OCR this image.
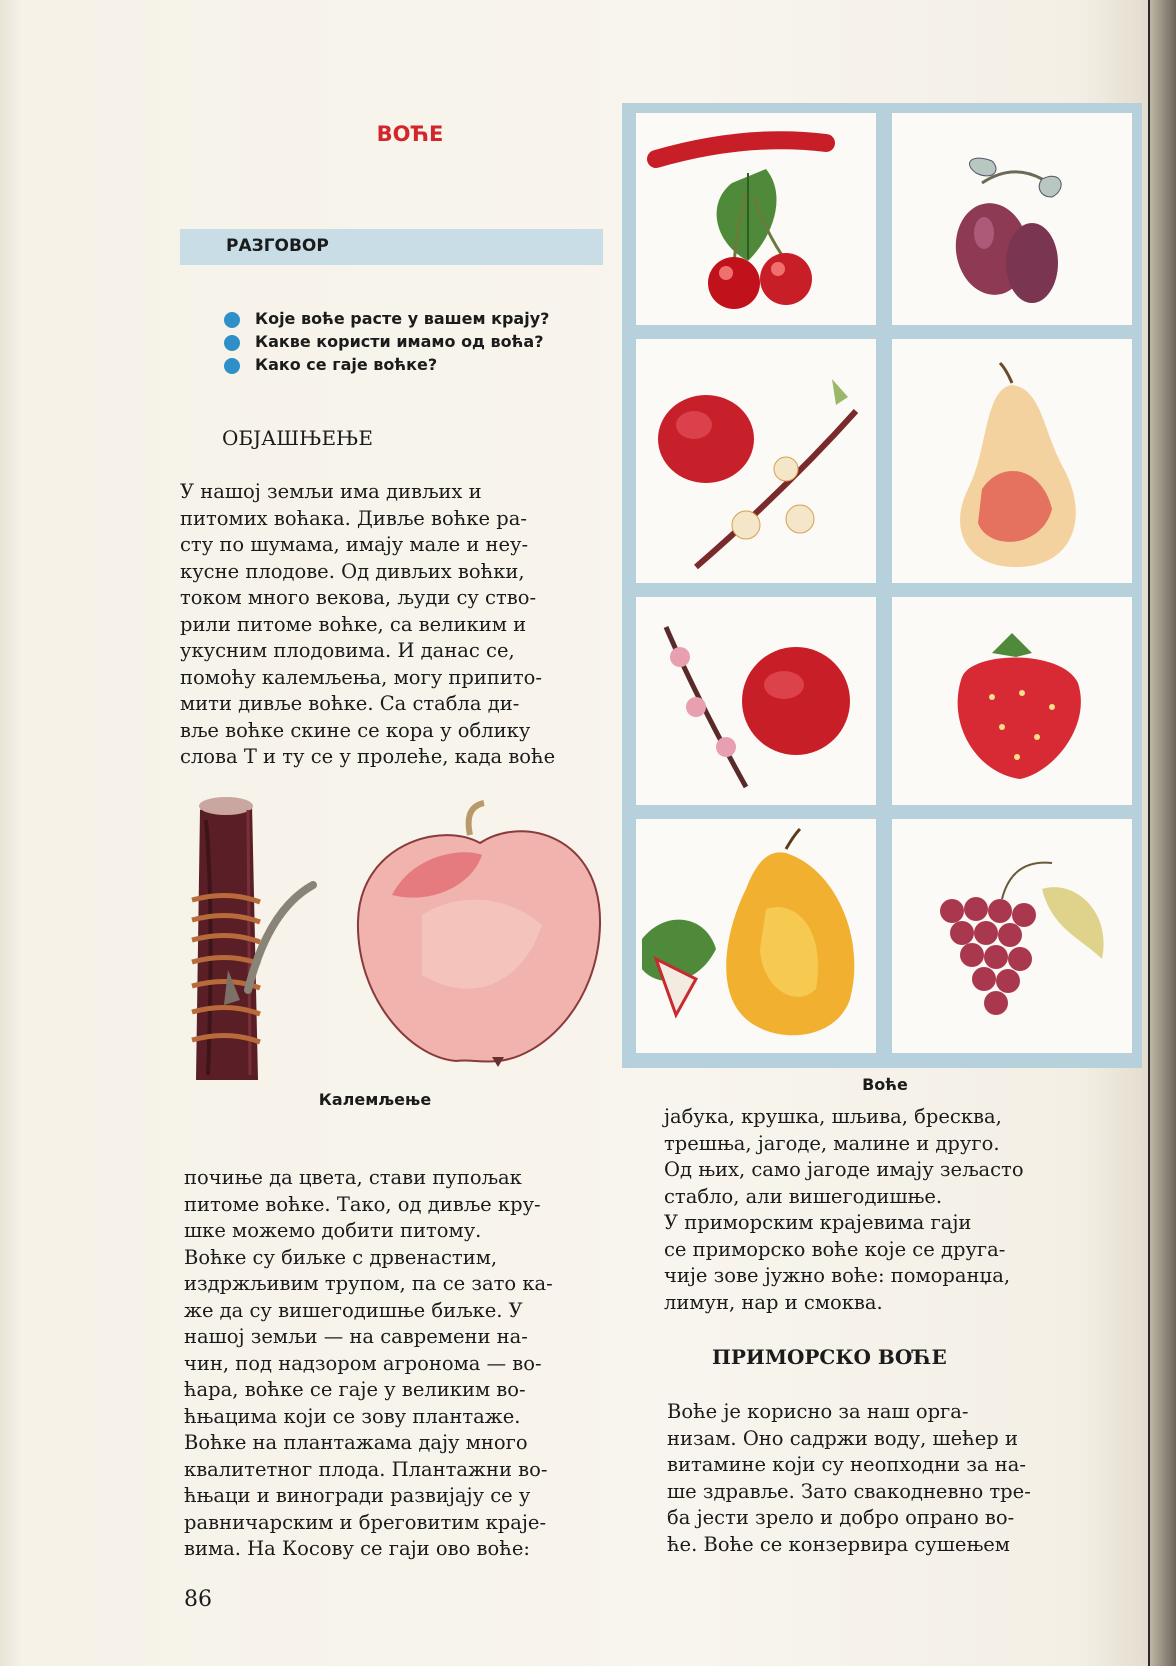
ВОЋЕ
РАЗГОВОР
Које воће расте у вашем крају?
Какве користи имамо од воћа?
Како се гаје воћке?
ОБЈАШЊЕЊЕ
У нашој земљи има дивљих и
питомих воћака. Дивље воћке ра-
сту по шумама, имају мале и неу-
кусне плодове. Од дивљих воћки,
током много векова, људи су ство-
рили питоме воћке, са великим и
укусним плодовима. И данас се,
помоћу калемљења, могу припито-
мити дивље воћке. Са стабла ди-
вље воћке скине се кора у облику
слова Т и ту се у пролеће, када воће
Калемљење
почиње да цвета, стави пупољак
питоме воћке. Тако, од дивље кру-
шке можемо добити питому.
Воћке су биљке с дрвенастим,
издржљивим трупом, па се зато ка-
же да су вишегодишње биљке. У
нашој земљи — на савремени на-
чин, под надзором агронома — во-
ћара, воћке се гаје у великим во-
ћњацима који се зову плантаже.
Воћке на плантажама дају много
квалитетног плода. Плантажни во-
ћњаци и виногради развијају се у
равничарским и бреговитим краје-
вима. На Косову се гаји ово воће:
Воће
јабука, крушка, шљива, бресква,
трешња, јагоде, малине и друго.
Од њих, само јагоде имају зељасто
стабло, али вишегодишње.
У приморским крајевима гаји
се приморско воће које се друга-
чије зове јужно воће: поморанџа,
лимун, нар и смоква.
ПРИМОРСКО ВОЋЕ
Воће је корисно за наш орга-
низам. Оно садржи воду, шећер и
витамине који су неопходни за на-
ше здравље. Зато свакодневно тре-
ба јести зрело и добро опрано во-
ће. Воће се конзервира сушењем
86
